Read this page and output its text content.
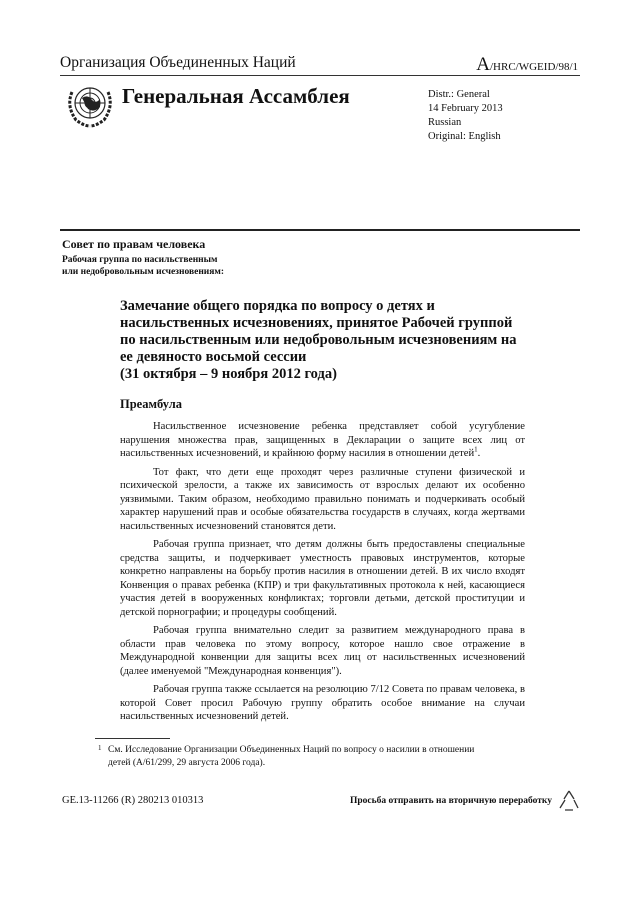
Организация Объединенных Наций	A/HRC/WGEID/98/1
Генеральная Ассамблея	Distr.: General
14 February 2013
Russian
Original: English
Совет по правам человека
Рабочая группа по насильственным
или недобровольным исчезновениям:
Замечание общего порядка по вопросу о детях и насильственных исчезновениях, принятое Рабочей группой по насильственным или недобровольным исчезновениям на ее девяносто восьмой сессии
(31 октября – 9 ноября 2012 года)
Преамбула

Насильственное исчезновение ребенка представляет собой усугубление нарушения множества прав, защищенных в Декларации о защите всех лиц от насильственных исчезновений, и крайнюю форму насилия в отношении детей$^1$.

Тот факт, что дети еще проходят через различные ступени физической и психической зрелости, а также их зависимость от взрослых делают их особенно уязвимыми. Таким образом, необходимо правильно понимать и подчеркивать особый характер нарушений прав и особые обязательства государств в случаях, когда жертвами насильственных исчезновений становятся дети.

Рабочая группа признает, что детям должны быть предоставлены специальные средства защиты, и подчеркивает уместность правовых инструментов, которые конкретно направлены на борьбу против насилия в отношении детей. В их число входят Конвенция о правах ребенка (КПР) и три факультативных протокола к ней, касающиеся участия детей в вооруженных конфликтах; торговли детьми, детской проституции и детской порнографии; и процедуры сообщений.

Рабочая группа внимательно следит за развитием международного права в области прав человека по этому вопросу, которое нашло свое отражение в Международной конвенции для защиты всех лиц от насильственных исчезновений (далее именуемой "Международная конвенция").

Рабочая группа также ссылается на резолюцию 7/12 Совета по правам человека, в которой Совет просил Рабочую группу обратить особое внимание на случаи насильственных исчезновений детей.

1 См. Исследование Организации Объединенных Наций по вопросу о насилии в отношении детей (A/61/299, 29 августа 2006 года).
GE.13-11266 (R) 280213 010313	Просьба отправить на вторичную переработку
